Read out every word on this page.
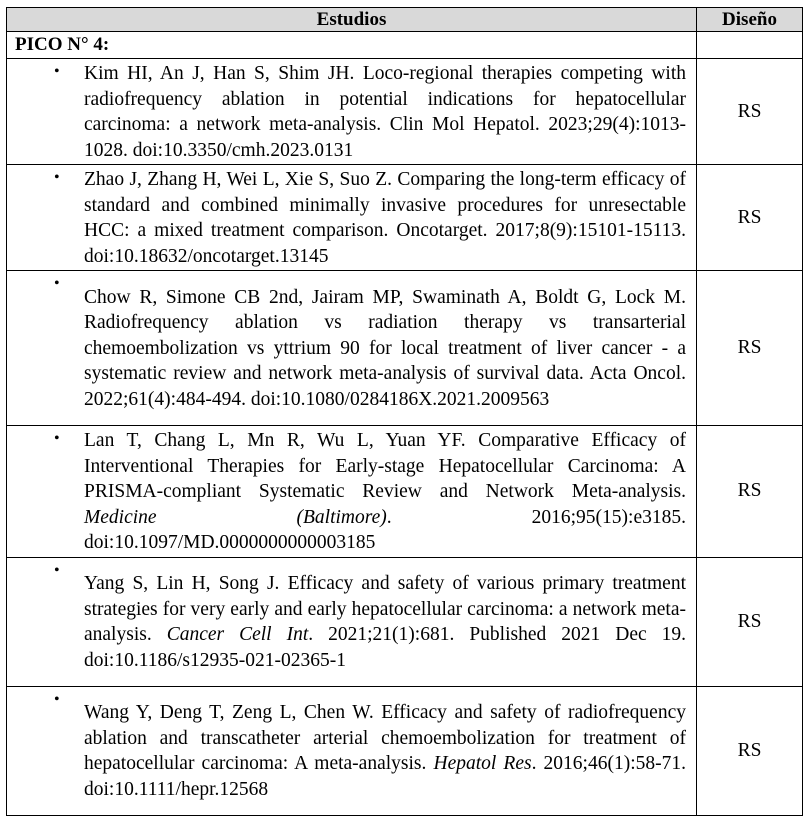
Estudios	Diseño
PICO N° 4:	

• Kim HI, An J, Han S, Shim JH. Loco-regional therapies competing with radiofrequency ablation in potential indications for hepatocellular carcinoma: a network meta-analysis. Clin Mol Hepatol. 2023;29(4):1013-1028. doi:10.3350/cmh.2023.0131	RS

• Zhao J, Zhang H, Wei L, Xie S, Suo Z. Comparing the long-term efficacy of standard and combined minimally invasive procedures for unresectable HCC: a mixed treatment comparison. Oncotarget. 2017;8(9):15101-15113. doi:10.18632/oncotarget.13145	RS

•
Chow R, Simone CB 2nd, Jairam MP, Swaminath A, Boldt G, Lock M. Radiofrequency ablation vs radiation therapy vs transarterial chemoembolization vs yttrium 90 for local treatment of liver cancer - a systematic review and network meta-analysis of survival data. Acta Oncol. 2022;61(4):484-494. doi:10.1080/0284186X.2021.2009563	RS

• Lan T, Chang L, Mn R, Wu L, Yuan YF. Comparative Efficacy of Interventional Therapies for Early-stage Hepatocellular Carcinoma: A PRISMA-compliant Systematic Review and Network Meta-analysis. Medicine (Baltimore). 2016;95(15):e3185. doi:10.1097/MD.0000000000003185	RS

•
Yang S, Lin H, Song J. Efficacy and safety of various primary treatment strategies for very early and early hepatocellular carcinoma: a network meta-analysis. Cancer Cell Int. 2021;21(1):681. Published 2021 Dec 19. doi:10.1186/s12935-021-02365-1	RS

•
Wang Y, Deng T, Zeng L, Chen W. Efficacy and safety of radiofrequency ablation and transcatheter arterial chemoembolization for treatment of hepatocellular carcinoma: A meta-analysis. Hepatol Res. 2016;46(1):58-71. doi:10.1111/hepr.12568	RS
